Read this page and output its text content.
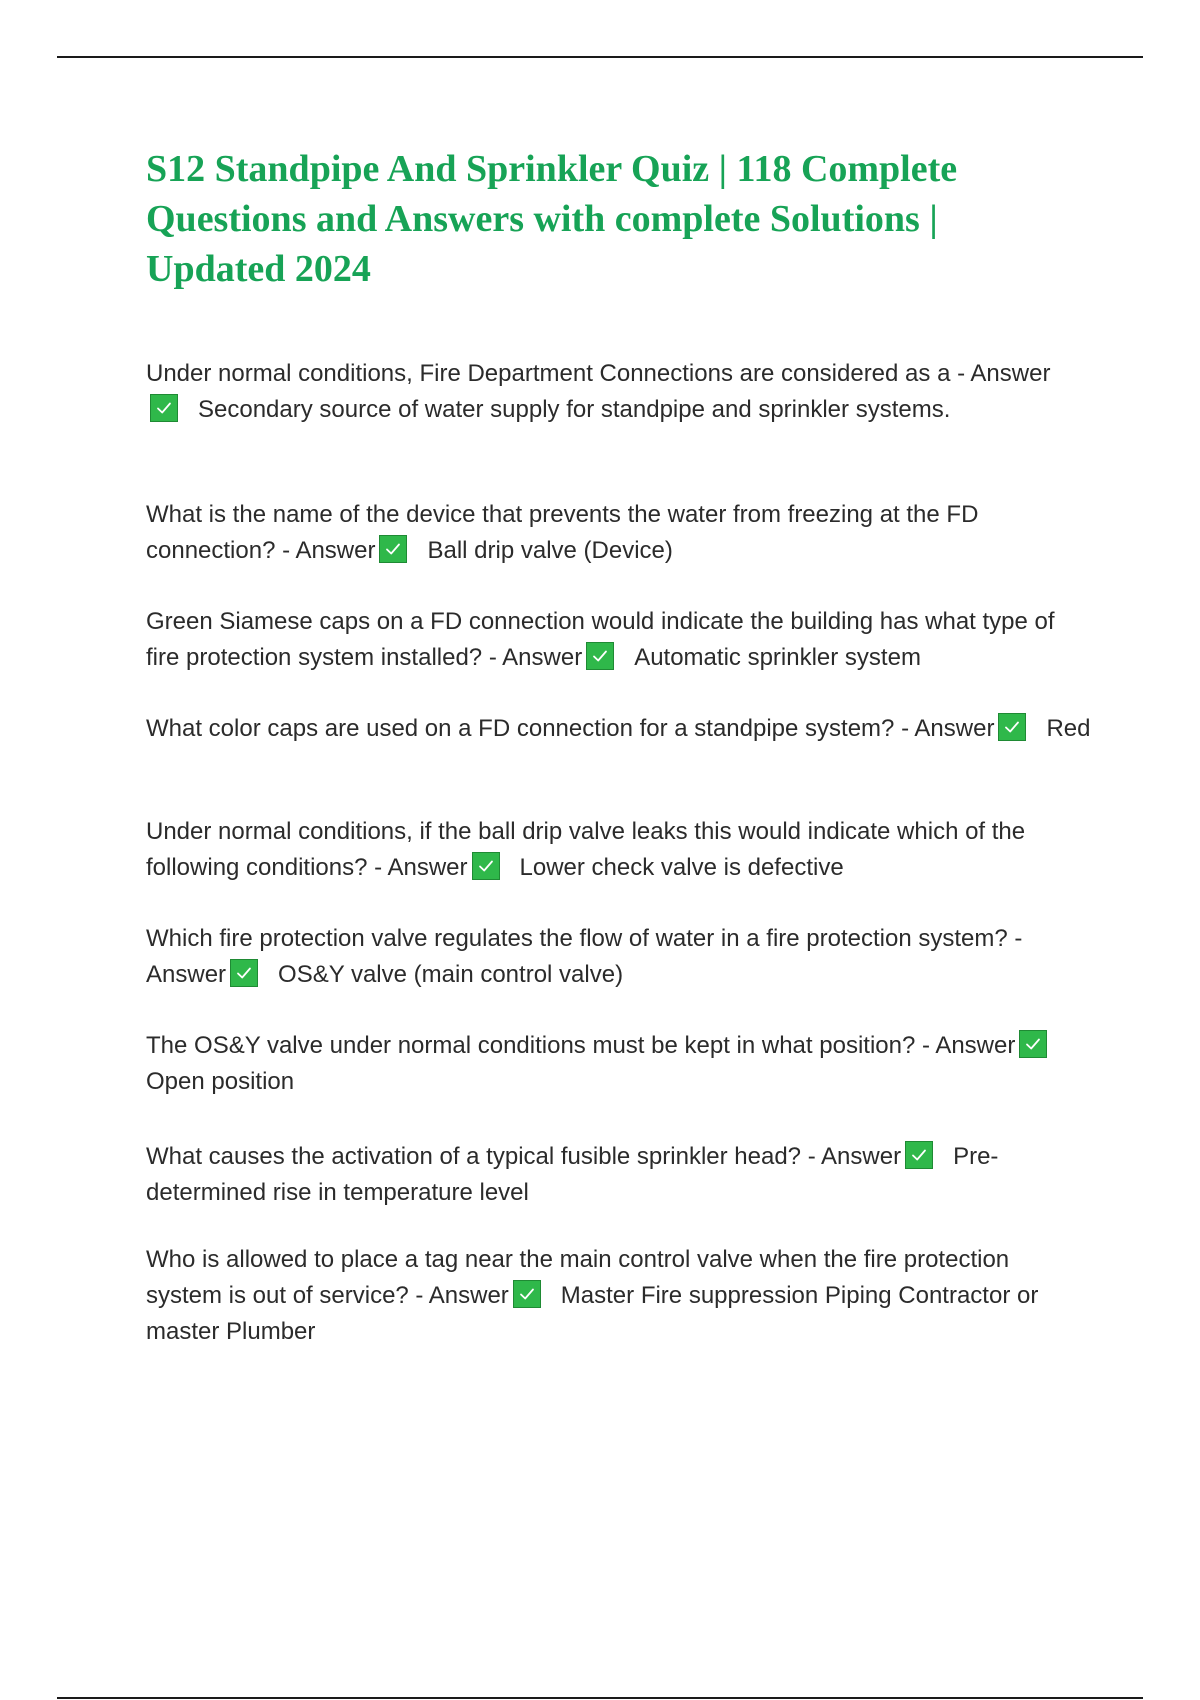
S12 Standpipe And Sprinkler Quiz | 118 Complete Questions and Answers with complete Solutions | Updated 2024

Under normal conditions, Fire Department Connections are considered as a - Answer
Secondary source of water supply for standpipe and sprinkler systems.

What is the name of the device that prevents the water from freezing at the FD connection? - Answer Ball drip valve (Device)

Green Siamese caps on a FD connection would indicate the building has what type of fire protection system installed? - Answer Automatic sprinkler system

What color caps are used on a FD connection for a standpipe system? - Answer Red

Under normal conditions, if the ball drip valve leaks this would indicate which of the following conditions? - Answer Lower check valve is defective

Which fire protection valve regulates the flow of water in a fire protection system? - Answer OS&Y valve (main control valve)

The OS&Y valve under normal conditions must be kept in what position? - Answer
Open position

What causes the activation of a typical fusible sprinkler head? - Answer Pre-determined rise in temperature level

Who is allowed to place a tag near the main control valve when the fire protection system is out of service? - Answer Master Fire suppression Piping Contractor or master Plumber
